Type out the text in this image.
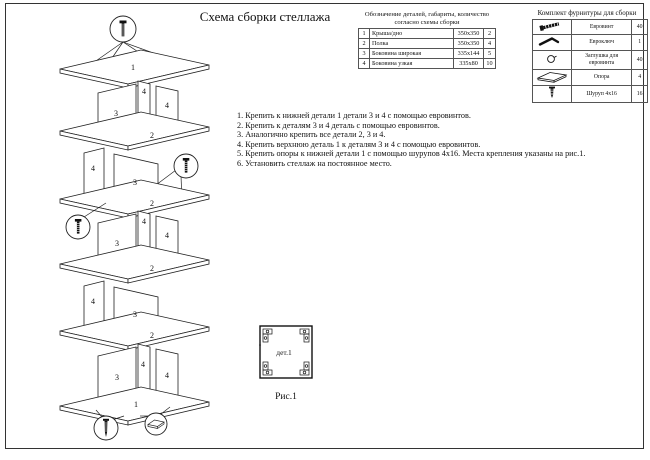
Схема сборки стеллажа
1
3
4
4
2
4
3
2
3
4
4
2
4
3
2
3
4
4
1
Обозначение деталей, габариты, количество
согласно схемы сборки
1	Крыша/дно	350x350	2
2	Полка	350x350	4
3	Боковина широкая	335x144	5
4	Боковина узкая	335x80	10
Комплект фурнитуры для сборки
	Евровинт	40
	Евроключ	1
	Заглушка для евровинта	40
	Опора	4
	Шуруп 4x16	16
1. Крепить к нижней детали 1 детали 3 и 4 с помощью евровинтов.
2. Крепить к деталям 3 и 4 деталь с помощью евровинтов.
3. Аналогично крепить все детали 2, 3 и 4.
4. Крепить верхнюю деталь 1 к деталям 3 и 4 с помощью евровинтов.
5. Крепить опоры к нижней детали 1 с помощью шурупов 4x16. Места крепления указаны на рис.1.
6. Установить стеллаж на постоянное место.
дет.1
Рис.1
